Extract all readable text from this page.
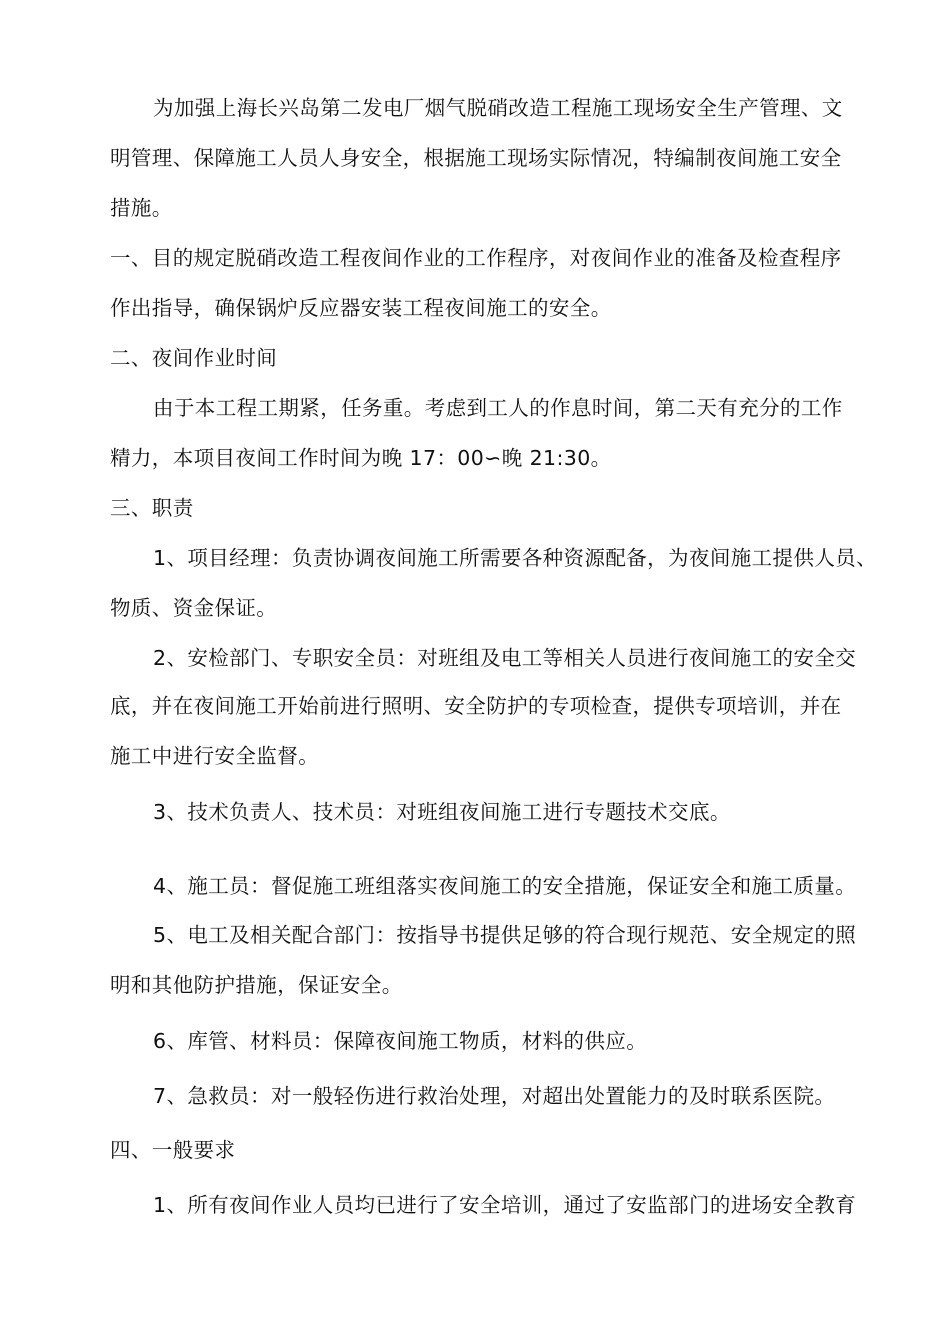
为加强上海长兴岛第二发电厂烟气脱硝改造工程施工现场安全生产管理、文

明管理、保障施工人员人身安全，根据施工现场实际情况，特编制夜间施工安全

措施。

一、目的规定脱硝改造工程夜间作业的工作程序，对夜间作业的准备及检查程序

作出指导，确保锅炉反应器安装工程夜间施工的安全。

二、夜间作业时间

由于本工程工期紧，任务重。考虑到工人的作息时间，第二天有充分的工作

精力，本项目夜间工作时间为晚 17：00∽晚 21:30。

三、职责

1、项目经理：负责协调夜间施工所需要各种资源配备，为夜间施工提供人员、

物质、资金保证。

2、安检部门、专职安全员：对班组及电工等相关人员进行夜间施工的安全交

底，并在夜间施工开始前进行照明、安全防护的专项检查，提供专项培训，并在

施工中进行安全监督。

3、技术负责人、技术员：对班组夜间施工进行专题技术交底。

4、施工员：督促施工班组落实夜间施工的安全措施，保证安全和施工质量。

5、电工及相关配合部门：按指导书提供足够的符合现行规范、安全规定的照

明和其他防护措施，保证安全。

6、库管、材料员：保障夜间施工物质，材料的供应。

7、急救员：对一般轻伤进行救治处理，对超出处置能力的及时联系医院。

四、一般要求

1、所有夜间作业人员均已进行了安全培训，通过了安监部门的进场安全教育
